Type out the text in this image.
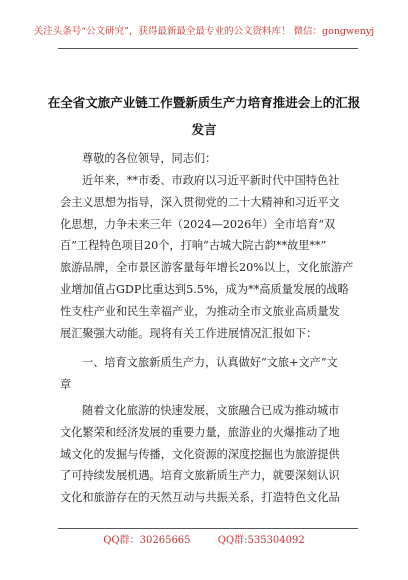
关注头条号“公文研究”，获得最新最全最专业的公文资料库！ 微信：gongwenyj
在全省文旅产业链工作暨新质生产力培育推进会上的汇报
发言
尊敬的各位领导，同志们：
近年来，**市委、市政府以习近平新时代中国特色社
会主义思想为指导，深入贯彻党的二十大精神和习近平文
化思想，力争未来三年（2024—2026年）全市培育“双
百”工程特色项目20个，打响“古城大院古韵**故里**”
旅游品牌，全市景区游客量每年增长20%以上，文化旅游产
业增加值占GDP比重达到5.5%，成为**高质量发展的战略
性支柱产业和民生幸福产业，为推动全市文旅业高质量发
展汇聚强大动能。现将有关工作进展情况汇报如下：
一、培育文旅新质生产力，认真做好“文旅+文产”文
章
随着文化旅游的快速发展，文旅融合已成为推动城市
文化繁荣和经济发展的重要力量，旅游业的火爆推动了地
域文化的发掘与传播，文化资源的深度挖掘也为旅游提供
了可持续发展机遇。培育文旅新质生产力，就要深刻认识
文化和旅游存在的天然互动与共振关系，打造特色文化品
QQ群：30265665	QQ群:535304092
